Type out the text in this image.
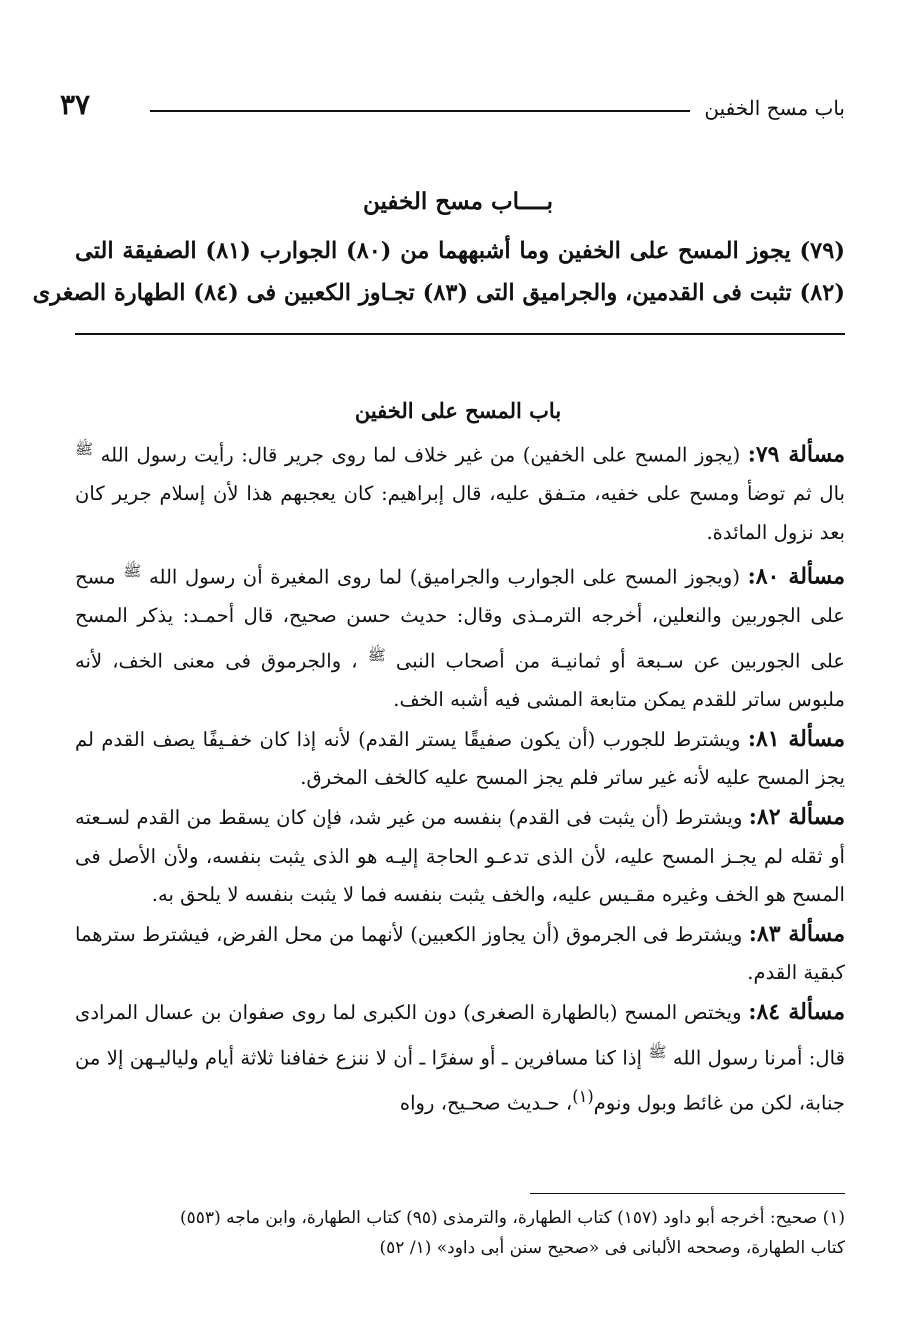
باب مسح الخفين
٣٧
بــــاب مسح الخفين

(٧٩) يجوز المسح على الخفين وما أشبههما من (٨٠) الجوارب (٨١) الصفيقة التى

(٨٢) تثبت فى القدمين، والجراميق التى (٨٣) تجـاوز الكعبين فى (٨٤) الطهارة الصغرى

باب المسح على الخفين

مسألة ٧٩: (يجوز المسح على الخفين) من غير خلاف لما روى جرير قال: رأيت رسول الله $^ﷺ$ بال ثم توضأ ومسح على خفيه، متـفق عليه، قال إبراهيم: كان يعجبهم هذا لأن إسلام جرير كان بعد نزول المائدة.

مسألة ٨٠: (ويجوز المسح على الجوارب والجراميق) لما روى المغيرة أن رسول الله $^ﷺ$ مسح على الجوربين والنعلين، أخرجه الترمـذى وقال: حديث حسن صحيح، قال أحمـد: يذكر المسح على الجوربين عن سـبعة أو ثمانيـة من أصحاب النبى $^ﷺ$ ، والجرموق فى معنى الخف، لأنه ملبوس ساتر للقدم يمكن متابعة المشى فيه أشبه الخف.

مسألة ٨١: ويشترط للجورب (أن يكون صفيقًا يستر القدم) لأنه إذا كان خفـيفًا يصف القدم لم يجز المسح عليه لأنه غير ساتر فلم يجز المسح عليه كالخف المخرق.

مسألة ٨٢: ويشترط (أن يثبت فى القدم) بنفسه من غير شد، فإن كان يسقط من القدم لسـعته أو ثقله لم يجـز المسح عليه، لأن الذى تدعـو الحاجة إليـه هو الذى يثبت بنفسه، ولأن الأصل فى المسح هو الخف وغيره مقـيس عليه، والخف يثبت بنفسه فما لا يثبت بنفسه لا يلحق به.

مسألة ٨٣: ويشترط فى الجرموق (أن يجاوز الكعبين) لأنهما من محل الفرض، فيشترط سترهما كبقية القدم.

مسألة ٨٤: ويختص المسح (بالطهارة الصغرى) دون الكبرى لما روى صفوان بن عسال المرادى قال: أمرنا رسول الله $^ﷺ$ إذا كنا مسافرين ـ أو سفرًا ـ أن لا ننزع خفافنا ثلاثة أيام ولياليـهن إلا من جنابة، لكن من غائط وبول ونوم$^{(١)}$، حـديث صحـيح، رواه

(١) صحيح: أخرجه أبو داود (١٥٧) كتاب الطهارة، والترمذى (٩٥) كتاب الطهارة، وابن ماجه (٥٥٣)

كتاب الطهارة، وصححه الألبانى فى «صحيح سنن أبى داود» (١/ ٥٢)
